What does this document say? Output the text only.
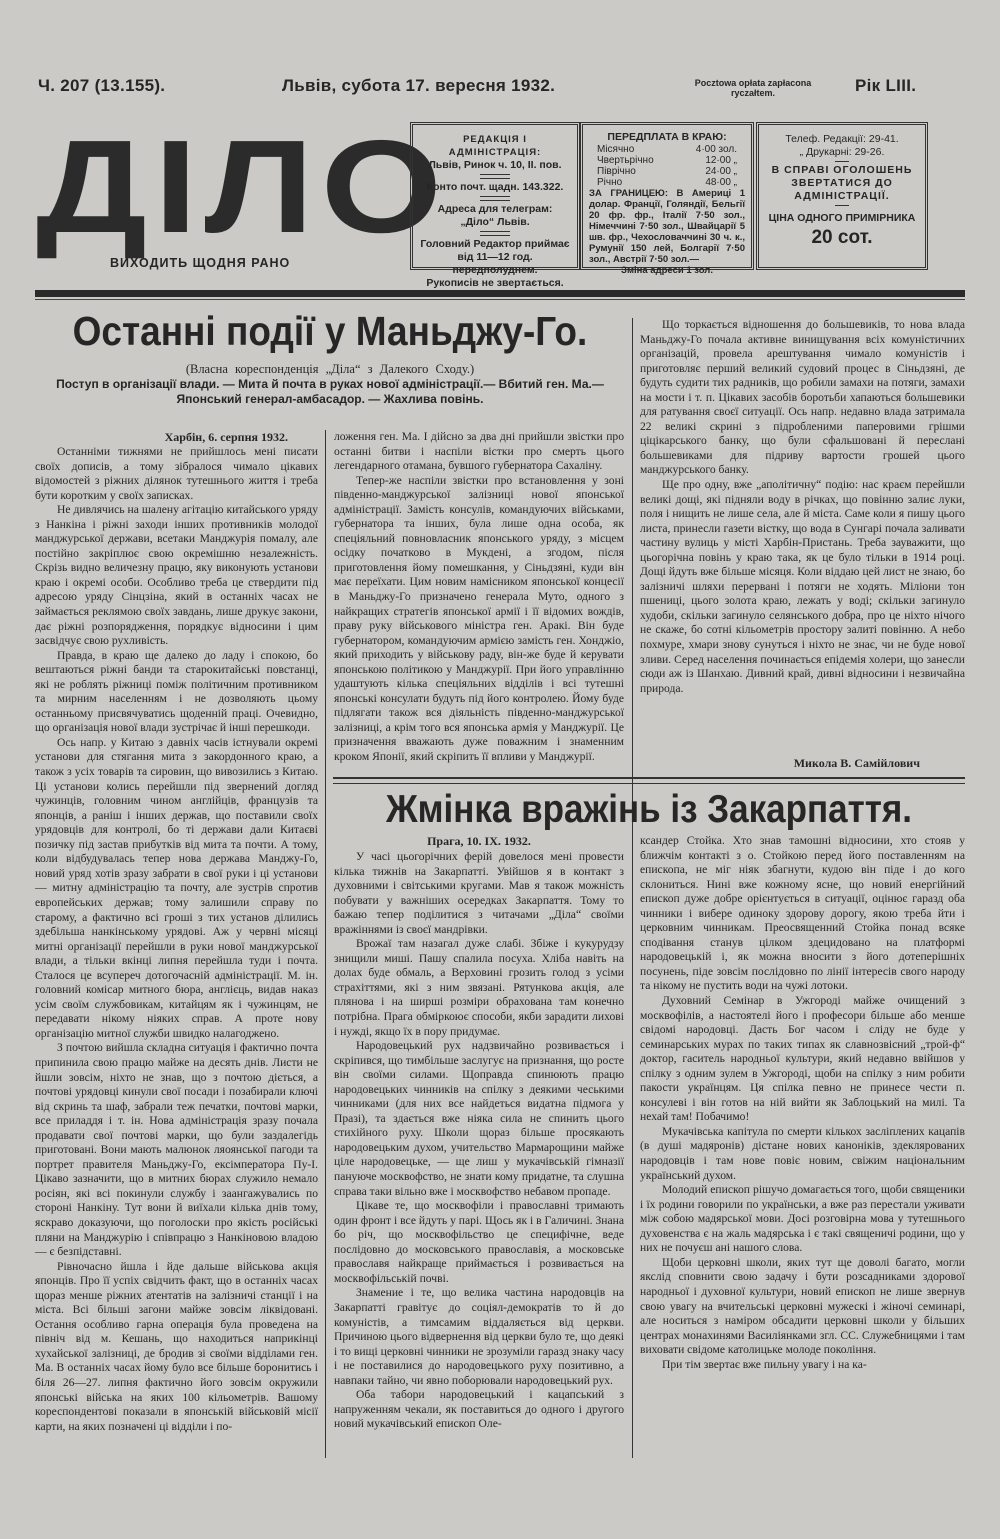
Ч. 207 (13.155).	Львів, субота 17. вересня 1932.	Pocztowa opłata zapłacona ryczałtem.	Рік LIII.
ДІЛО
ВИХОДИТЬ ЩОДНЯ РАНО
РЕДАКЦІЯ І АДМІНІСТРАЦІЯ:
Львів, Ринок ч. 10, II. пов.
Конто почт. щадн. 143.322.
Адреса для телеграм:
„Діло“ Львів.
Головний Редактор приймає від 11—12 год. передполуднем.
Рукописів не звертається.
ПЕРЕДПЛАТА В КРАЮ:
Місячно	4·00 зол.
Чвертьрічно	12·00 „
Піврічно	24·00 „
Річно	48·00 „
ЗА ГРАНИЦЕЮ: В Америці 1 долар. Франції, Голяндії, Бельгії 20 фр. фр., Італії 7·50 зол., Німеччині 7·50 зол., Швайцарії 5 шв. фр., Чехословаччині 30 ч. к., Румунії 150 лей, Болгарії 7·50 зол., Австрії 7·50 зол.—
Зміна адреси 1 зол.
Телеф. Редакції: 29-41.
„ Друкарні: 29-26.
В СПРАВІ ОГОЛОШЕНЬ ЗВЕРТАТИСЯ ДО АДМІНІСТРАЦІЇ.
ЦІНА ОДНОГО ПРИМІРНИКА
20 сот.
Останні події у Маньджу-Го.
(Власна кореспонденція „Діла“ з Далекого Сходу.)
Поступ в організації влади. — Мита й почта в руках нової адміністрації.— Вбитий ген. Ма.— Японський генерал-амбасадор. — Жахлива повінь.
Харбін, 6. серпня 1932.

Останніми тижнями не прийшлось мені писати своїх дописів, а тому зібралося чимало цікавих відомостей з ріжних ділянок тутешнього життя і треба бути коротким у своїх записках.

Не дивлячись на шалену агітацію китайського уряду з Нанкіна і ріжні заходи інших противників молодої манджурської держави, всетаки Манджурія помалу, але постійно закріплює свою окремішню незалежність. Скрізь видно величезну працю, яку виконують установи краю і окремі особи. Особливо треба це ствердити під адресою уряду Сінцзіна, який в останніх часах не займається реклямою своїх завдань, лише друкує закони, дає ріжні розпорядження, порядкує відносини і цим засвідчує свою рухливість.

Правда, в краю ще далеко до ладу і спокою, бо вештаються ріжні банди та старокитайські повстанці, які не роблять ріжниці поміж політичним противником та мирним населенням і не дозволяють цьому останньому присвячуватись щоденній праці. Очевидно, що організація нової влади зустрічає й інші перешкоди.

Ось напр. у Китаю з давніх часів істнували окремі установи для стягання мита з закордонного краю, а також з усіх товарів та сировин, що вивозились з Китаю. Ці установи колись перейшли під звернений догляд чужинців, головним чином англійців, французів та японців, а раніш і інших держав, що поставили своїх урядовців для контролі, бо ті держави дали Китаєві позичку під застав прибутків від мита та почти. А тому, коли відбудувалась тепер нова держава Манджу-Го, новий уряд хотів зразу забрати в свої руки і ці установи — митну адміністрацію та почту, але зустрів спротив европейських держав; тому залишили справу по старому, а фактично всі гроші з тих установ ділились здебільша нанкінському урядові. Аж у червні місяці митні організації перейшли в руки нової манджурської влади, а тільки вкінці липня перейшла туди і почта. Сталося це всупереч дотогочасній адміністрації. М. ін. головний комісар митного бюра, англієць, видав наказ усім своїм службовикам, китайцям як і чужинцям, не передавати нікому ніяких справ. А проте нову організацію митної служби швидко налагоджено.

З почтою вийшла складна ситуація і фактично почта припинила свою працю майже на десять днів. Листи не йшли зовсім, ніхто не знав, що з почтою діється, а почтові урядовці кинули свої посади і позабирали ключі від скринь та шаф, забрали теж печатки, почтові марки, все приладдя і т. ін. Нова адміністрація зразу почала продавати свої почтові марки, що були заздалегідь приготовані. Вони мають малюнок ляоянської пагоди та портрет правителя Маньджу-Го, ексімператора Пу-І. Цікаво зазначити, що в митних бюрах служило немало росіян, які всі покинули службу і заангажувались по стороні Нанкіну. Тут вони й виїхали кілька днів тому, яскраво доказуючи, що поголоски про якість російські пляни на Манджурію і співпрацю з Нанкіновою владою — є безпідставні.

Рівночасно йшла і йде дальше військова акція японців. Про її успіх свідчить факт, що в останніх часах щораз менше ріжних атентатів на залізничі станції і на міста. Всі більші загони майже зовсім ліквідовані. Остання особливо гарна операція була проведена на північ від м. Кешань, що находиться наприкінці хухайської залізниці, де бродив зі своїми відділами ген. Ма. В останніх часах йому було все більше боронитись і біля 26—27. липня фактично його зовсім окружили японські війська на яких 100 кільометрів. Вашому кореспондентові показали в японській військовій місії карти, на яких позначені ці відділи і по-

ложення ген. Ма. І дійсно за два дні прийшли звістки про останні битви і наспіли вістки про смерть цього легендарного отамана, бувшого губернатора Сахаліну.

Тепер-же наспіли звістки про встановлення у зоні південно-манджурської залізниці нової японської адміністрації. Замість консулів, командуючих військами, губернатора та інших, була лише одна особа, як спеціяльний повновласник японського уряду, з місцем осідку початково в Мукдені, а згодом, після приготовлення йому помешкання, у Сіньдзяні, куди він має переїхати. Цим новим намісником японської концесії в Маньджу-Го призначено генерала Муто, одного з найкращих стратегів японської армії і її відомих вождів, праву руку військового міністра ген. Аракі. Він буде губернатором, командуючим армією замість ген. Хонджіо, який приходить у військову раду, він-же буде й керувати японською політикою у Манджурії. При його управлінню удаштують кілька спеціяльних відділів і всі тутешні японські консулати будуть під його контролею. Йому буде підлягати також вся діяльність південно-манджурської залізниці, а крім того вся японська армія у Манджурії. Це призначення вважають дуже поважним і знаменним кроком Японії, який скріпить її впливи у Манджурії.

Що торкається відношення до большевиків, то нова влада Маньджу-Го почала активне винищування всіх комуністичних організацій, провела арештування чимало комуністів і приготовляє перший великий судовий процес в Сіньдзяні, де будуть судити тих радників, що робили замахи на потяги, замахи на мости і т. п. Цікавих засобів боротьби хапаються большевики для ратування своєї ситуації. Ось напр. недавно влада затримала 22 великі скрині з підробленими паперовими грішми ціцікарського банку, що були сфальшовані й переслані большевиками для підриву вартости грошей цього манджурського банку.

Ще про одну, вже „аполітичну“ подію: нас краєм перейшли великі дощі, які підняли воду в річках, що повінню залиє луки, поля і нищить не лише села, але й міста. Саме коли я пишу цього листа, принесли газети вістку, що вода в Сунгарі почала заливати частину вулиць у місті Харбін-Пристань. Треба зауважити, що цьогорічна повінь у краю така, як це було тільки в 1914 році. Дощі йдуть вже більше місяця. Коли віддаю цей лист не знаю, бо залізничі шляхи перервані і потяги не ходять. Міліони тон пшениці, цього золота краю, лежать у воді; скільки загинуло худоби, скільки загинуло селянського добра, про це ніхто нічого не скаже, бо сотні кільометрів простору залиті повінню. А небо похмуре, хмари знову сунуться і ніхто не знає, чи не буде нової зливи. Серед населення починається епідемія холери, що занесли сюди аж із Шанхаю. Дивний край, дивні відносини і незвичайна природа.

Микола В. Самійлович
Жмінка вражінь із Закарпаття.
Прага, 10. IX. 1932.

У часі цьогорічних ферій довелося мені провести кілька тижнів на Закарпатті. Увійшов я в контакт з духовними і світськими кругами. Мав я також можність побувати у важніших осередках Закарпаття. Тому то бажаю тепер поділитися з читачами „Діла“ своїми вражіннями із своєї мандрівки.

Врожаї там назагал дуже слабі. Збіже і кукурудзу знищили миші. Пашу спалила посуха. Хліба навіть на долах буде обмаль, а Верховині грозить голод з усіми страхіттями, які з ним звязані. Рятункова акція, але плянова і на ширші розміри обрахована там конечно потрібна. Прага обміркоює способи, якби зарадити лихові і нужді, якщо їх в пору придумає.

Народовецький рух надзвичайно розвивається і скріпився, що тимбільше заслугує на признання, що росте він своїми силами. Щоправда спинюють працю народовецьких чинників на спілку з деякими чеськими чинниками (для них все найдеться видатна підмога у Празі), та здається вже ніяка сила не спинить цього стихійного руху. Школи щораз більше просякають народовецьким духом, учительство Мармарощини майже ціле народовецьке, — ще лиш у мукачівській гімназії пануюче москвофство, не знати кому придатне, та слушна справа таки вільно вже і москвофство небавом пропаде.

Цікаве те, що москвофіли і православні тримають один фронт і все йдуть у парі. Щось як і в Галичині. Знана бо річ, що москвофільство це специфічне, веде послідовно до московського православія, а московське православя найкраще приймається і розвивається на москвофільській почві.

Знамение і те, що велика частина народовців на Закарпатті гравітує до соціял-демократів то й до комуністів, а тимсамим віддаляється від церкви. Причиною цього відвернення від церкви було те, що деякі і то вищі церковні чинники не зрозуміли гаразд знаку часу і не поставилися до народовецького руху позитивно, а навпаки тайно, чи явно поборювали народовецький рух.

Оба табори народовецький і кацапський з напруженням чекали, як поставиться до одного і другого новий мукачівський епископ Оле-

ксандер Стойка. Хто знав тамошні відносини, хто стояв у ближчім контакті з о. Стойкою перед його поставленням на епископа, не міг ніяк збагнути, кудою він піде і до кого склониться. Нині вже кожному ясне, що новий енергійний епископ дуже добре орієнтується в ситуації, оцінює гаразд оба чинники і вибере одиноку здорову дорогу, якою треба йти і церковним чинникам. Преосвященний Стойка понад всяке сподівання станув цілком здецидовано на платформі народовецькій і, як можна вносити з його дотеперішніх посунень, піде зовсім послідовно по лінії інтересів свого народу та нікому не пустить води на чужі лотоки.

Духовний Семінар в Ужгороді майже очищений з москвофілів, а настоятелі його і професори більше або менше свідомі народовці. Дасть Бог часом і сліду не буде у семинарських мурах по таких типах як славнозвісний „трой-ф“ доктор, гаситель народньої культури, який недавно ввійшов у спілку з одним зулем в Ужгороді, щоби на спілку з ним робити пакости українцям. Ця спілка певно не принесе чести п. консулеві і він готов на ній вийти як Заблоцький на милі. Та нехай там! Побачимо!

Мукачівська капітула по смерти кількох засліплених кацапів (в душі мадяронів) дістане нових каноніків, здеклярованих народовців і там нове повіє новим, свіжим національним український духом.

Молодий епископ рішучо домагається того, щоби священики і їх родини говорили по українськи, а вже раз перестали уживати між собою мадярської мови. Досі розговірна мова у тутешнього духовенства є на жаль мадярська і є такі священичі родини, що у них не почуєш ані нашого слова.

Щоби церковні школи, яких тут ще доволі багато, могли якслід сповнити свою задачу і бути розсадниками здорової народньої і духовної культури, новий епископ не лише звернув свою увагу на вчительські церковні мужескі і жіночі семинарі, але носиться з наміром обсадити церковні школи у більших центрах монахинями Василіянками згл. СС. Служебницями і там виховати свідоме католицьке молоде покоління.

При тім звертає вже пильну увагу і на ка-
